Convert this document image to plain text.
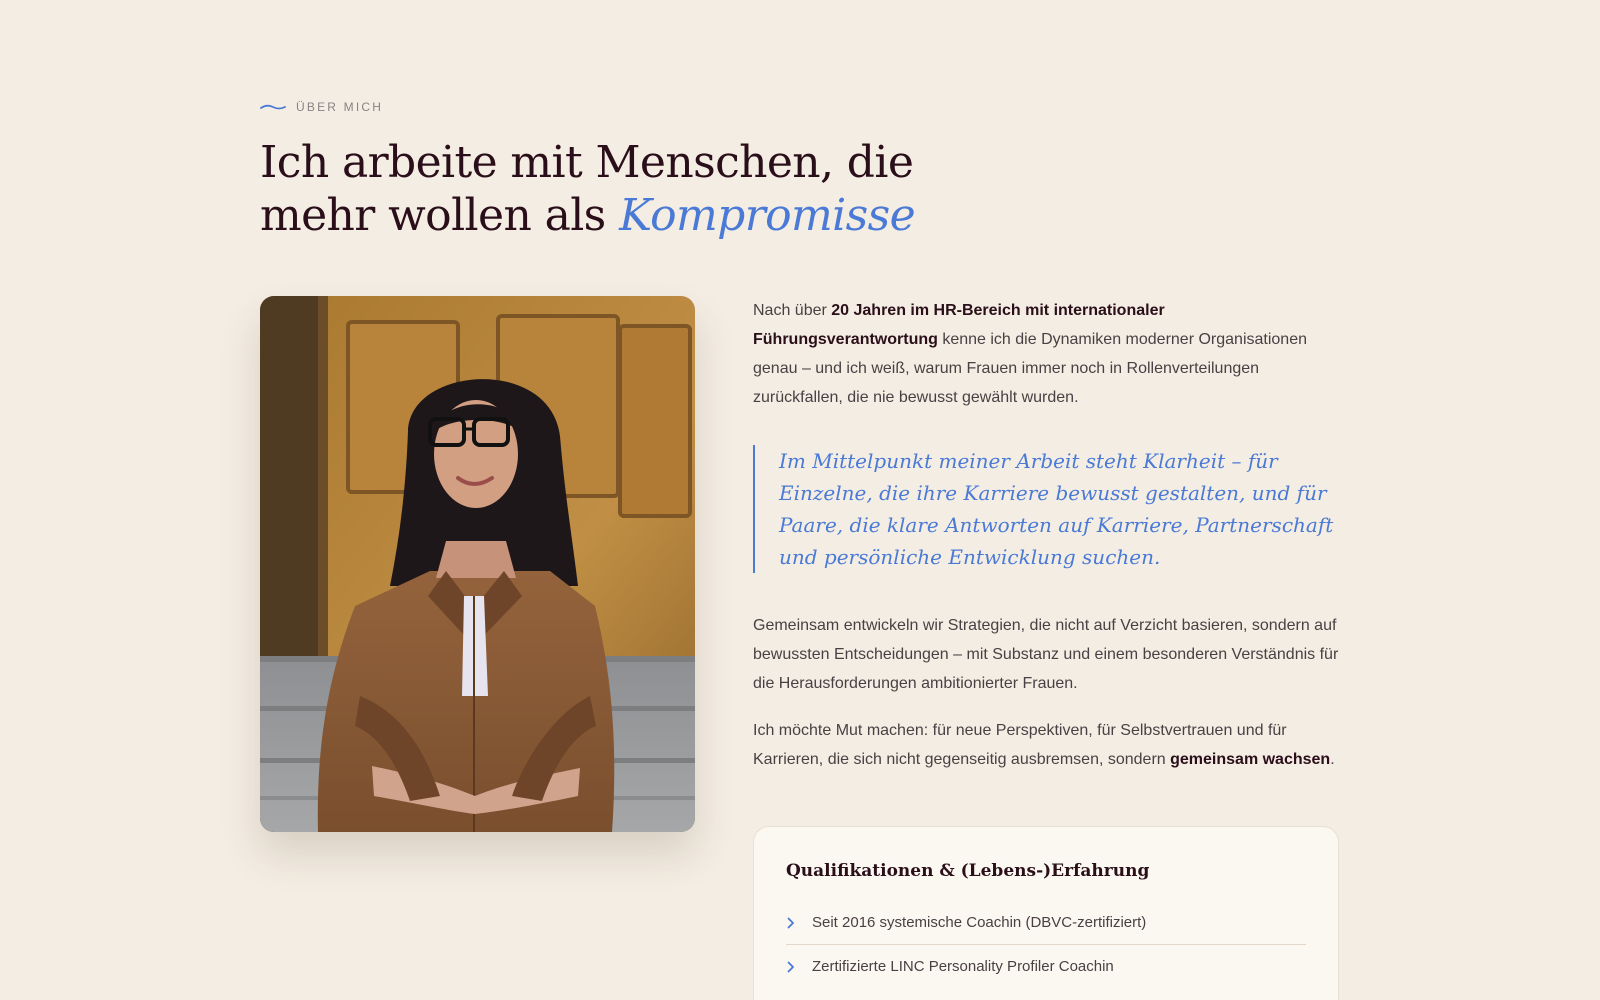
ÜBER MICH
Ich arbeite mit Menschen, die mehr wollen als Kompromisse

Nach über 20 Jahren im HR-Bereich mit internationaler Führungsverantwortung kenne ich die Dynamiken moderner Organisationen genau – und ich weiß, warum Frauen immer noch in Rollenverteilungen zurückfallen, die nie bewusst gewählt wurden.

Im Mittelpunkt meiner Arbeit steht Klarheit – für Einzelne, die ihre Karriere bewusst gestalten, und für Paare, die klare Antworten auf Karriere, Partnerschaft und persönliche Entwicklung suchen.

Gemeinsam entwickeln wir Strategien, die nicht auf Verzicht basieren, sondern auf bewussten Entscheidungen – mit Substanz und einem besonderen Verständnis für die Herausforderungen ambitionierter Frauen.

Ich möchte Mut machen: für neue Perspektiven, für Selbstvertrauen und für Karrieren, die sich nicht gegenseitig ausbremsen, sondern gemeinsam wachsen.

Qualifikationen & (Lebens-)Erfahrung
Seit 2016 systemische Coachin (DBVC-zertifiziert)
Zertifizierte LINC Personality Profiler Coachin
